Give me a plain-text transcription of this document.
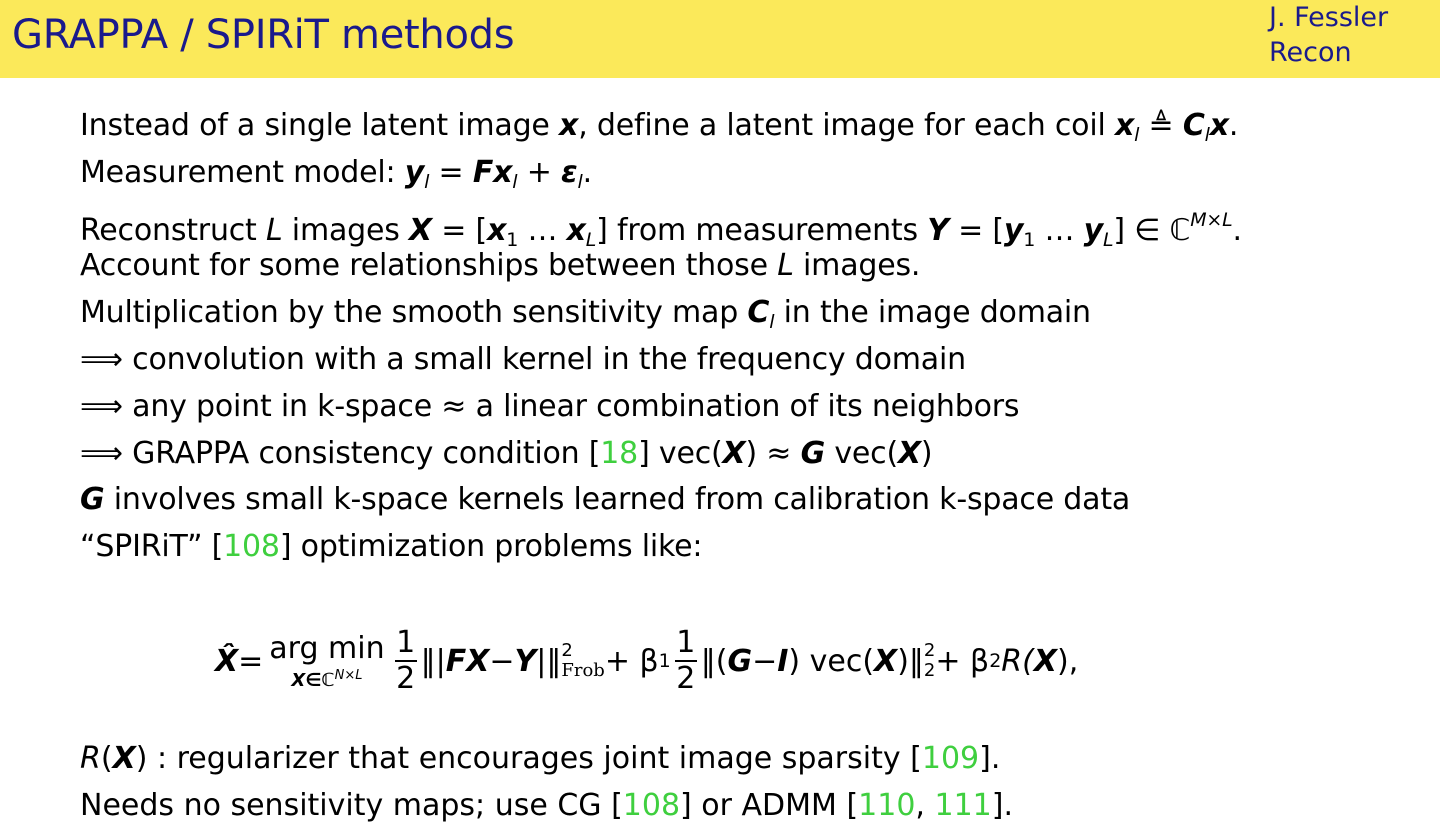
GRAPPA / SPIRiT methods	J. Fessler
Recon
Instead of a single latent image x, define a latent image for each coil $x_l$ ≜ $C_lx$.
Measurement model: $y_l = Fx_l + \varepsilon_l$.
Reconstruct L images $X = [x_1$ … $x_L$] from measurements $Y = [y_1$ … $y_L$] ∈ ℂ$^{M\times L}$.
Account for some relationships between those L images.
Multiplication by the smooth sensitivity map $C_l$ in the image domain
⟹ convolution with a small kernel in the frequency domain
⟹ any point in k-space ≈ a linear combination of its neighbors
⟹ GRAPPA consistency condition [18] vec(X) ≈ G vec(X)
G involves small k-space kernels learned from calibration k-space data
“SPIRiT” [108] optimization problems like:
X̂ = arg min
X∈ℂ$^{N\times L}$ $\frac{1}{2}$ ‖| F X − Y |‖ 2
Frob + β $1 \frac{1}{2}$ ‖( G − I ) vec( X )‖ 2
2 + β 2 R( X ),
R(X) : regularizer that encourages joint image sparsity [109].
Needs no sensitivity maps; use CG [108] or ADMM [110, 111].
